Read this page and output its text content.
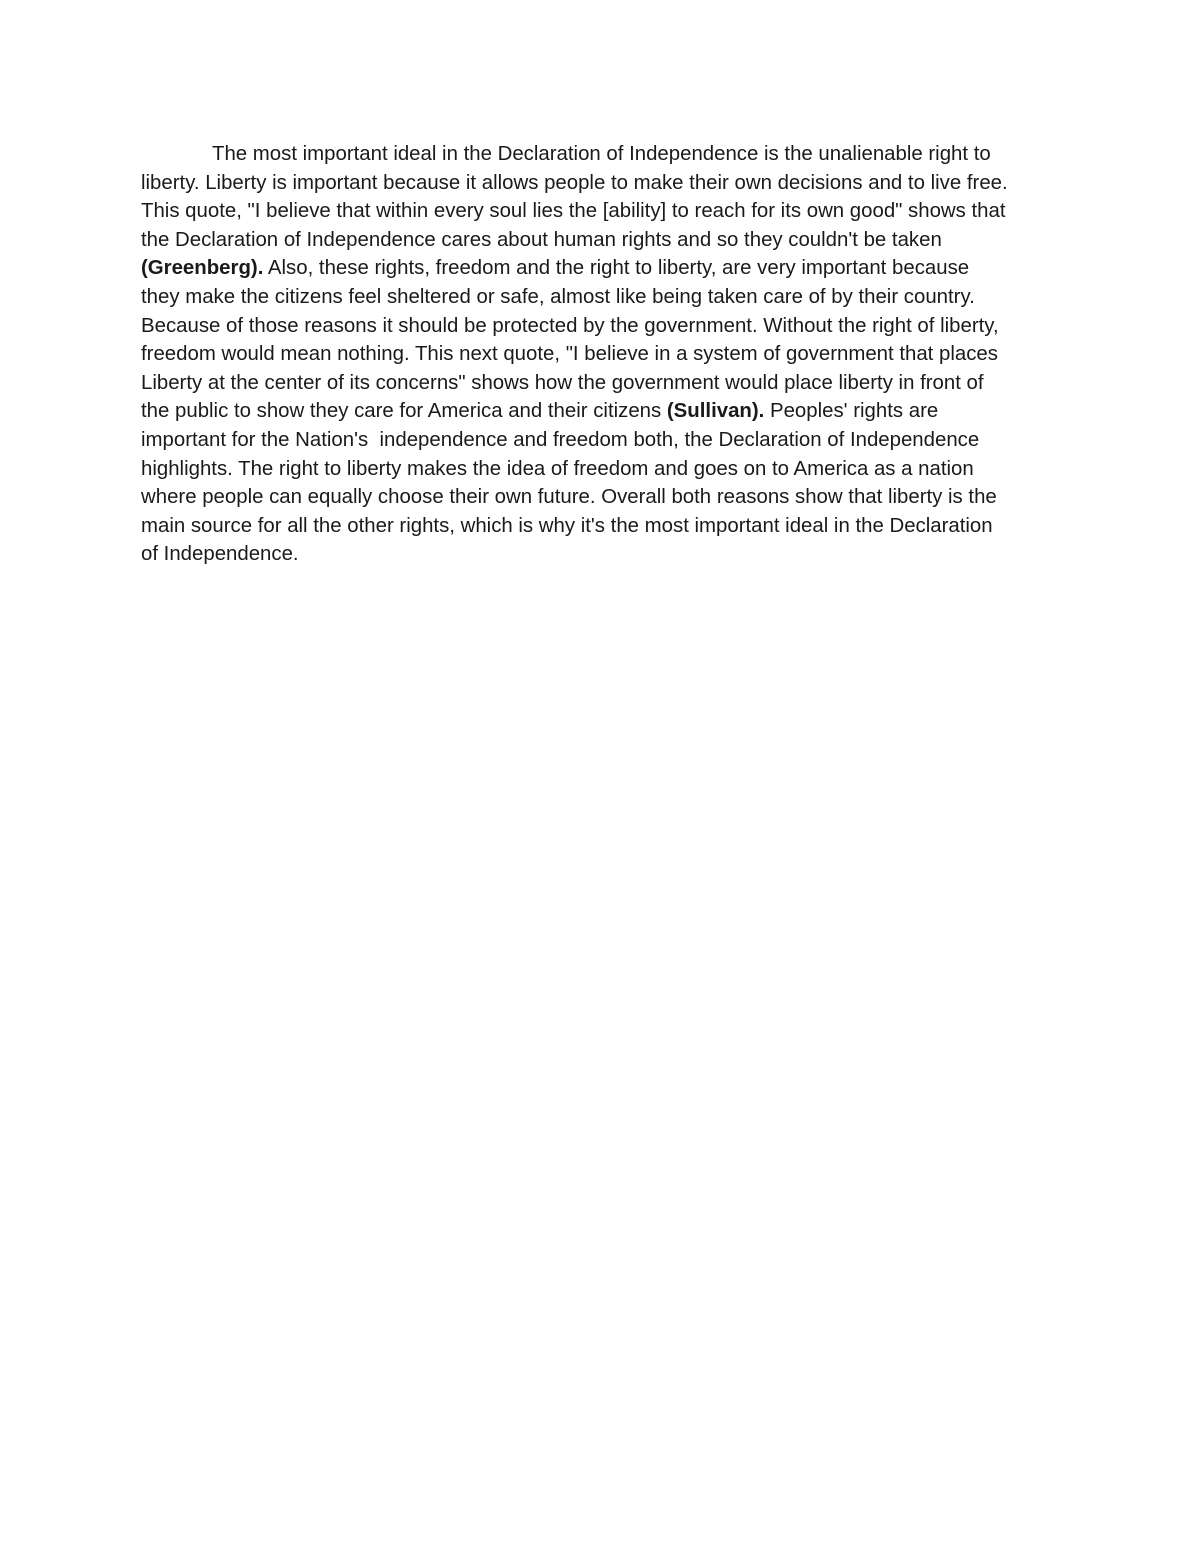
The most important ideal in the Declaration of Independence is the unalienable right to
liberty. Liberty is important because it allows people to make their own decisions and to live free.
This quote, "I believe that within every soul lies the [ability] to reach for its own good" shows that
the Declaration of Independence cares about human rights and so they couldn't be taken
(Greenberg). Also, these rights, freedom and the right to liberty, are very important because
they make the citizens feel sheltered or safe, almost like being taken care of by their country.
Because of those reasons it should be protected by the government. Without the right of liberty,
freedom would mean nothing. This next quote, "I believe in a system of government that places
Liberty at the center of its concerns" shows how the government would place liberty in front of
the public to show they care for America and their citizens (Sullivan). Peoples' rights are
important for the Nation's  independence and freedom both, the Declaration of Independence
highlights. The right to liberty makes the idea of freedom and goes on to America as a nation
where people can equally choose their own future. Overall both reasons show that liberty is the
main source for all the other rights, which is why it's the most important ideal in the Declaration
of Independence.
